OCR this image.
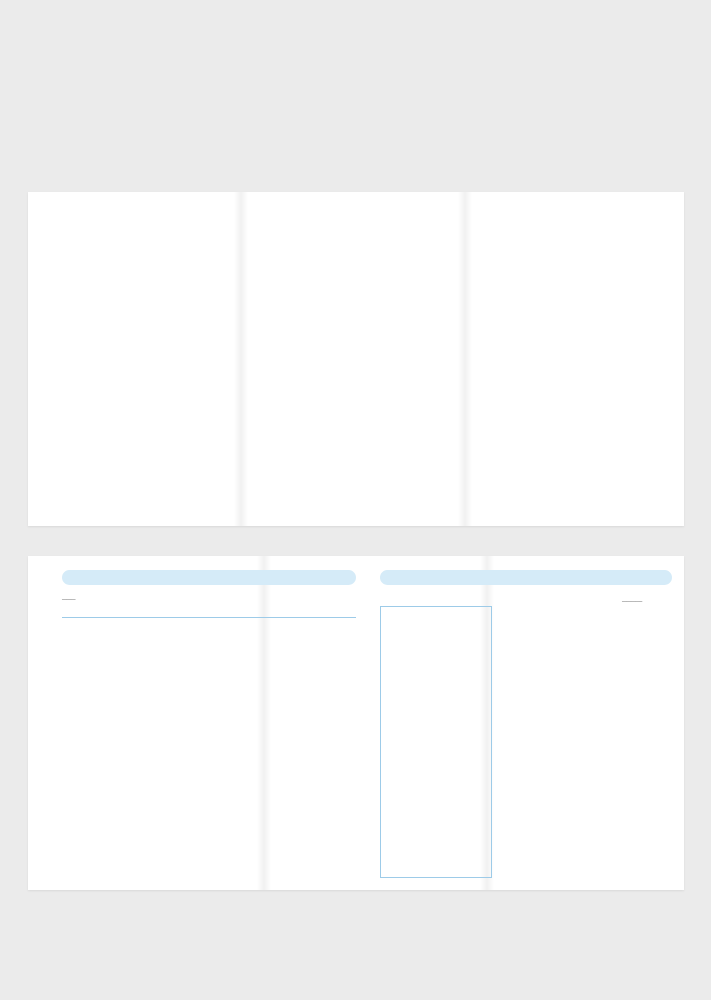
______
					_________
